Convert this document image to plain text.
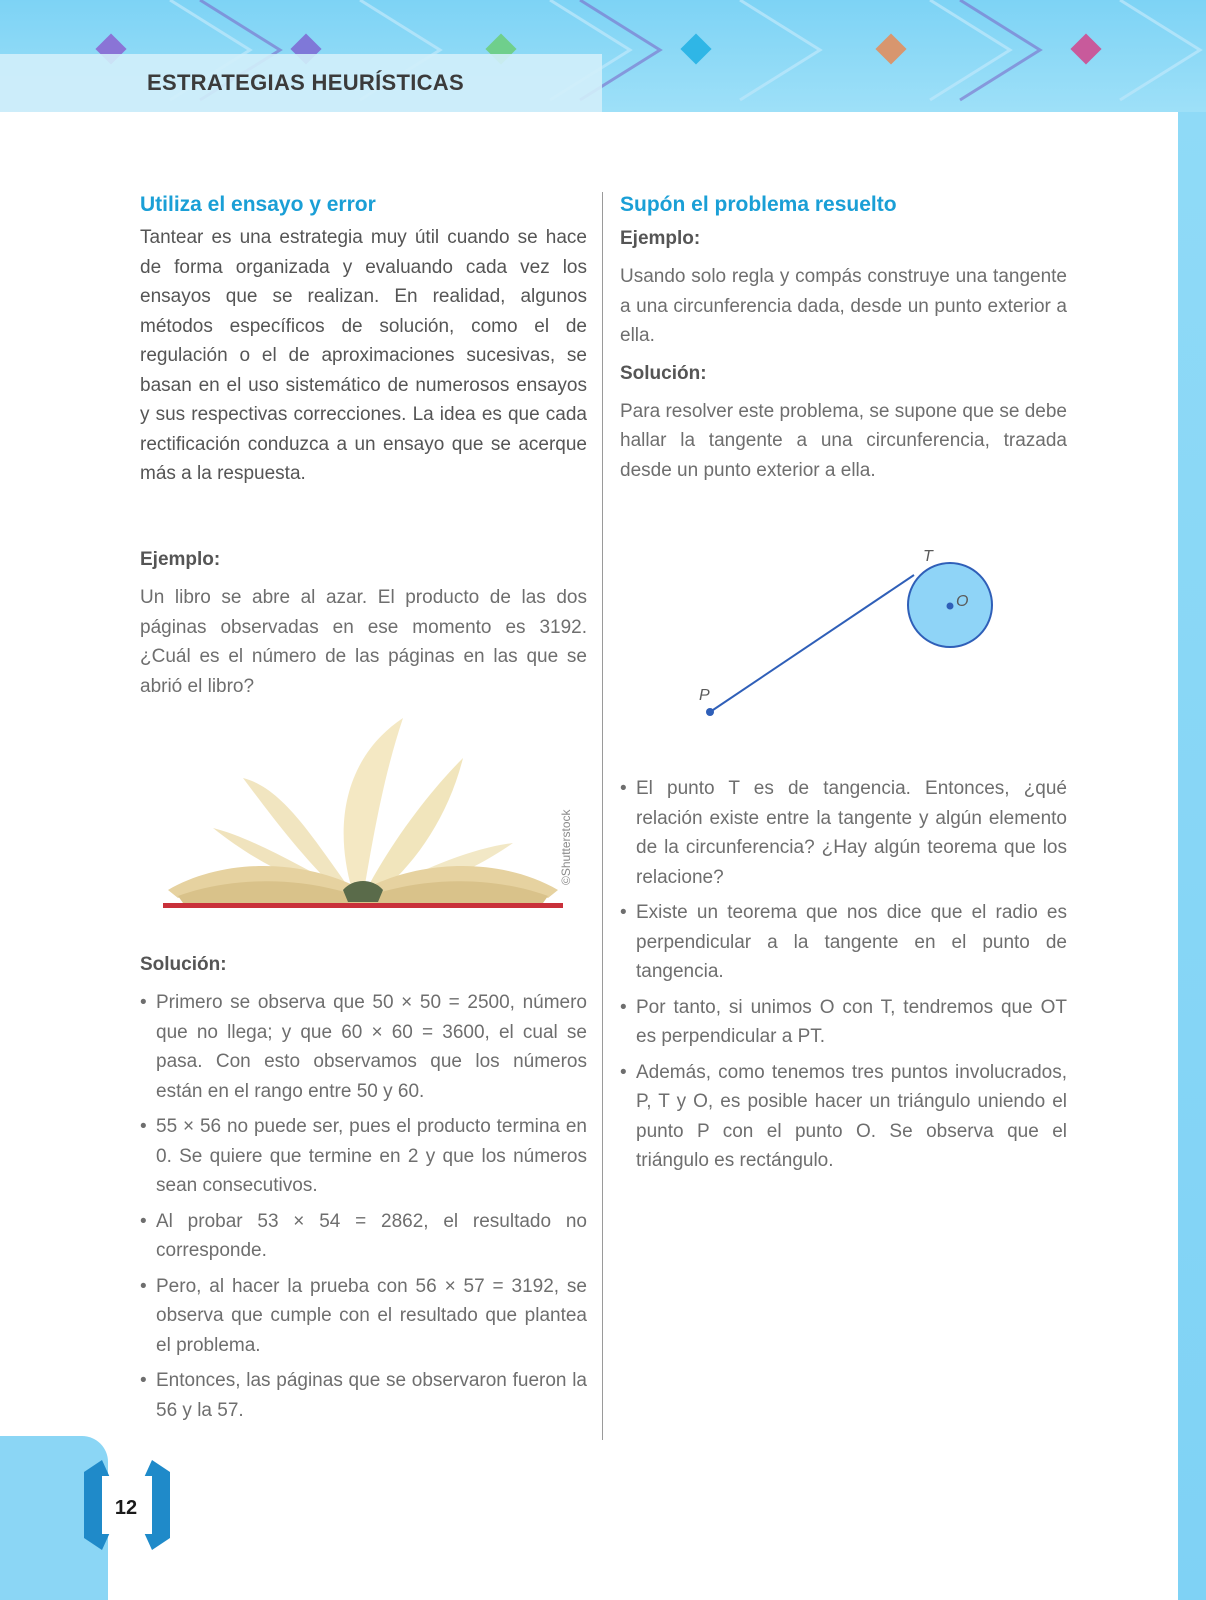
ESTRATEGIAS HEURÍSTICAS
12

Utiliza el ensayo y error

Tantear es una estrategia muy útil cuando se hace de forma organizada y evaluando cada vez los ensayos que se realizan. En realidad, algunos métodos específicos de solución, como el de regulación o el de aproximaciones sucesivas, se basan en el uso sistemático de numerosos ensayos y sus respectivas correcciones. La idea es que cada rectificación conduzca a un ensayo que se acerque más a la respuesta.

Ejemplo:

Un libro se abre al azar. El producto de las dos páginas observadas en ese momento es 3192. ¿Cuál es el número de las páginas en las que se abrió el libro?

©Shutterstock

Solución:

• Primero se observa que 50 × 50 = 2500, número que no llega; y que 60 × 60 = 3600, el cual se pasa. Con esto observamos que los números están en el rango entre 50 y 60.
• 55 × 56 no puede ser, pues el producto termina en 0. Se quiere que termine en 2 y que los números sean consecutivos.
• Al probar 53 × 54 = 2862, el resultado no corresponde.
• Pero, al hacer la prueba con 56 × 57 = 3192, se observa que cumple con el resultado que plantea el problema.
• Entonces, las páginas que se observaron fueron la 56 y la 57.

Supón el problema resuelto

Ejemplo:

Usando solo regla y compás construye una tangente a una circunferencia dada, desde un punto exterior a ella.

Solución:

Para resolver este problema, se supone que se debe hallar la tangente a una circunferencia, trazada desde un punto exterior a ella.

T
O
P
• El punto T es de tangencia. Entonces, ¿qué relación existe entre la tangente y algún elemento de la circunferencia? ¿Hay algún teorema que los relacione?
• Existe un teorema que nos dice que el radio es perpendicular a la tangente en el punto de tangencia.
• Por tanto, si unimos O con T, tendremos que OT es perpendicular a PT.
• Además, como tenemos tres puntos involucrados, P, T y O, es posible hacer un triángulo uniendo el punto P con el punto O. Se observa que el triángulo es rectángulo.
